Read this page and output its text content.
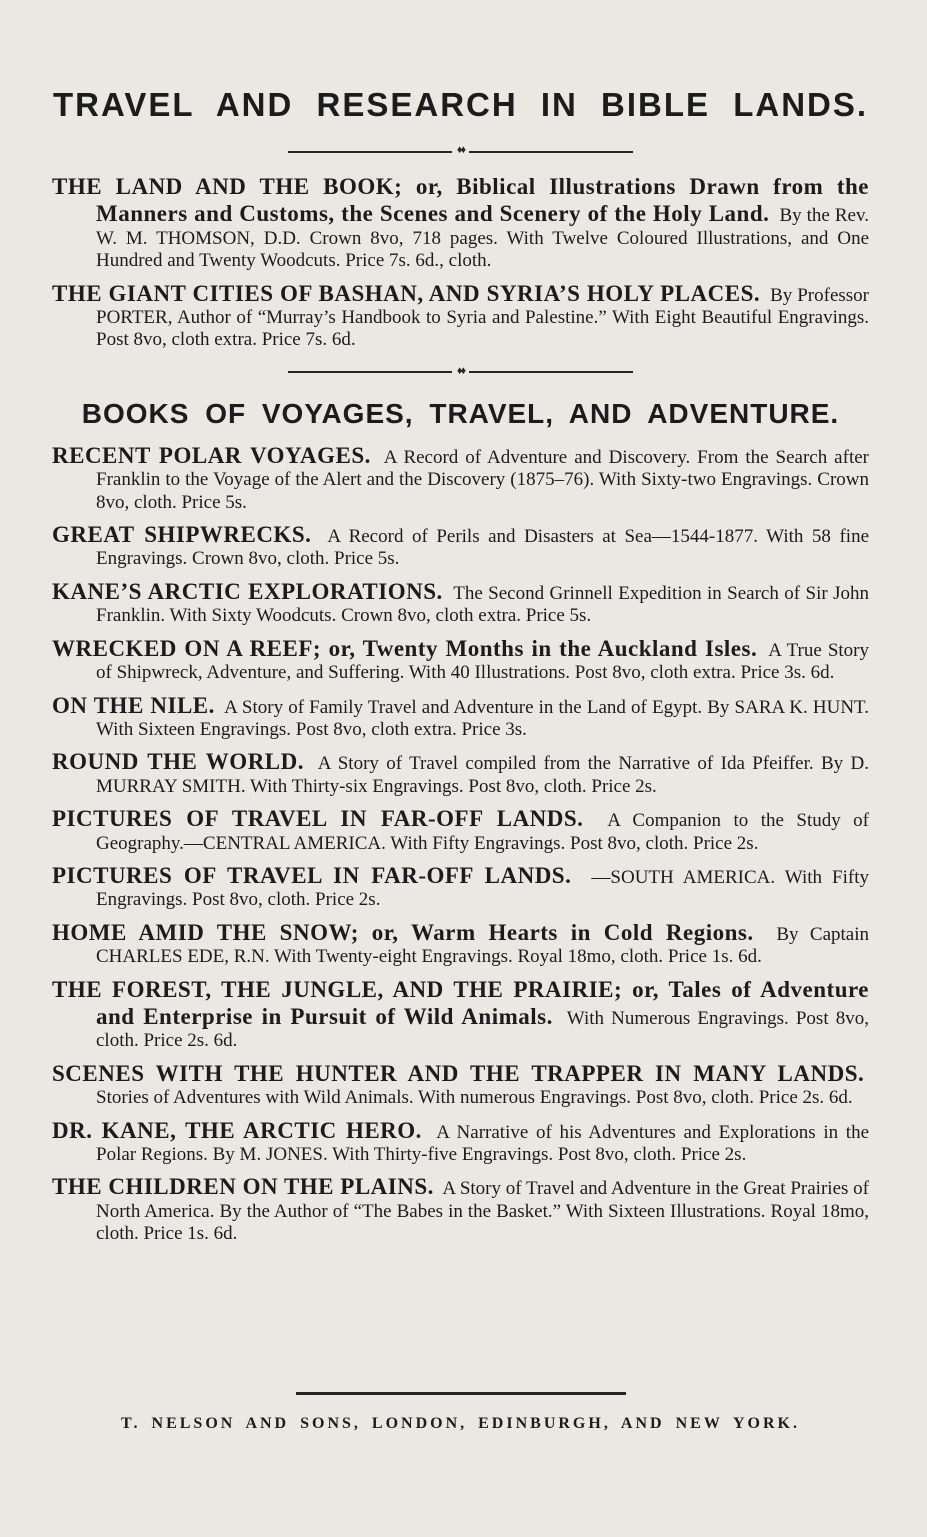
TRAVEL AND RESEARCH IN BIBLE LANDS.
♦♦

THE LAND AND THE BOOK; or, Biblical Illustrations Drawn from the Manners and Customs, the Scenes and Scenery of the Holy Land. By the Rev. W. M. THOMSON, D.D. Crown 8vo, 718 pages. With Twelve Coloured Illustrations, and One Hundred and Twenty Woodcuts. Price 7s. 6d., cloth.

THE GIANT CITIES OF BASHAN, AND SYRIA’S HOLY PLACES. By Professor PORTER, Author of “Murray’s Handbook to Syria and Palestine.” With Eight Beautiful Engravings. Post 8vo, cloth extra. Price 7s. 6d.

♦♦
BOOKS OF VOYAGES, TRAVEL, AND ADVENTURE.

RECENT POLAR VOYAGES. A Record of Adventure and Discovery. From the Search after Franklin to the Voyage of the Alert and the Discovery (1875–76). With Sixty-two Engravings. Crown 8vo, cloth. Price 5s.

GREAT SHIPWRECKS. A Record of Perils and Disasters at Sea—1544-1877. With 58 fine Engravings. Crown 8vo, cloth. Price 5s.

KANE’S ARCTIC EXPLORATIONS. The Second Grinnell Expedition in Search of Sir John Franklin. With Sixty Woodcuts. Crown 8vo, cloth extra. Price 5s.

WRECKED ON A REEF; or, Twenty Months in the Auckland Isles. A True Story of Shipwreck, Adventure, and Suffering. With 40 Illustrations. Post 8vo, cloth extra. Price 3s. 6d.

ON THE NILE. A Story of Family Travel and Adventure in the Land of Egypt. By SARA K. HUNT. With Sixteen Engravings. Post 8vo, cloth extra. Price 3s.

ROUND THE WORLD. A Story of Travel compiled from the Narrative of Ida Pfeiffer. By D. MURRAY SMITH. With Thirty-six Engravings. Post 8vo, cloth. Price 2s.

PICTURES OF TRAVEL IN FAR-OFF LANDS. A Companion to the Study of Geography.—CENTRAL AMERICA. With Fifty Engravings. Post 8vo, cloth. Price 2s.

PICTURES OF TRAVEL IN FAR-OFF LANDS. —SOUTH AMERICA. With Fifty Engravings. Post 8vo, cloth. Price 2s.

HOME AMID THE SNOW; or, Warm Hearts in Cold Regions. By Captain CHARLES EDE, R.N. With Twenty-eight Engravings. Royal 18mo, cloth. Price 1s. 6d.

THE FOREST, THE JUNGLE, AND THE PRAIRIE; or, Tales of Adventure and Enterprise in Pursuit of Wild Animals. With Numerous Engravings. Post 8vo, cloth. Price 2s. 6d.

SCENES WITH THE HUNTER AND THE TRAPPER IN MANY LANDS.  Stories of Adventures with Wild Animals. With numerous Engravings. Post 8vo, cloth. Price 2s. 6d.

DR. KANE, THE ARCTIC HERO. A Narrative of his Adventures and Explorations in the Polar Regions. By M. JONES. With Thirty-five Engravings. Post 8vo, cloth. Price 2s.

THE CHILDREN ON THE PLAINS. A Story of Travel and Adventure in the Great Prairies of North America. By the Author of “The Babes in the Basket.” With Sixteen Illustrations. Royal 18mo, cloth. Price 1s. 6d.

T. NELSON AND SONS, LONDON, EDINBURGH, AND NEW YORK.
